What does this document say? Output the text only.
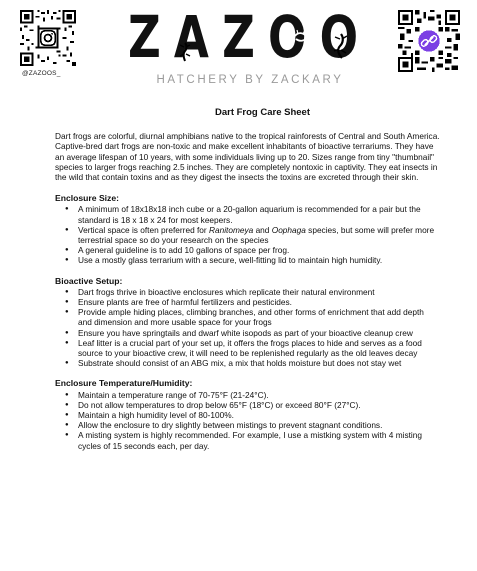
@ZAZOOS_
Z A Z O O
HATCHERY BY ZACKARY
Dart Frog Care Sheet

Dart frogs are colorful, diurnal amphibians native to the tropical rainforests of Central and South America. Captive-bred dart frogs are non-toxic and make excellent inhabitants of bioactive terrariums. They have an average lifespan of 10 years, with some individuals living up to 20. Sizes range from tiny "thumbnail" species to larger frogs reaching 2.5 inches. They are completely nontoxic in captivity. They eat insects in the wild that contain toxins and as they digest the insects the toxins are excreted through their skin.

Enclosure Size:
● A minimum of 18x18x18 inch cube or a 20-gallon aquarium is recommended for a pair but the standard is 18 x 18 x 24 for most keepers.
● Vertical space is often preferred for Ranitomeya and Oophaga species, but some will prefer more terrestrial space so do your research on the species
● A general guideline is to add 10 gallons of space per frog.
● Use a mostly glass terrarium with a secure, well-fitting lid to maintain high humidity.
Bioactive Setup:
● Dart frogs thrive in bioactive enclosures which replicate their natural environment
● Ensure plants are free of harmful fertilizers and pesticides.
● Provide ample hiding places, climbing branches, and other forms of enrichment that add depth and dimension and more usable space for your frogs
● Ensure you have springtails and dwarf white isopods as part of your bioactive cleanup crew
● Leaf litter is a crucial part of your set up, it offers the frogs places to hide and serves as a food source to your bioactive crew, it will need to be replenished regularly as the old leaves decay
● Substrate should consist of an ABG mix, a mix that holds moisture but does not stay wet
Enclosure Temperature/Humidity:
● Maintain a temperature range of 70-75°F (21-24°C).
● Do not allow temperatures to drop below 65°F (18°C) or exceed 80°F (27°C).
● Maintain a high humidity level of 80-100%.
● Allow the enclosure to dry slightly between mistings to prevent stagnant conditions.
● A misting system is highly recommended. For example, I use a mistking system with 4 misting cycles of 15 seconds each, per day.
